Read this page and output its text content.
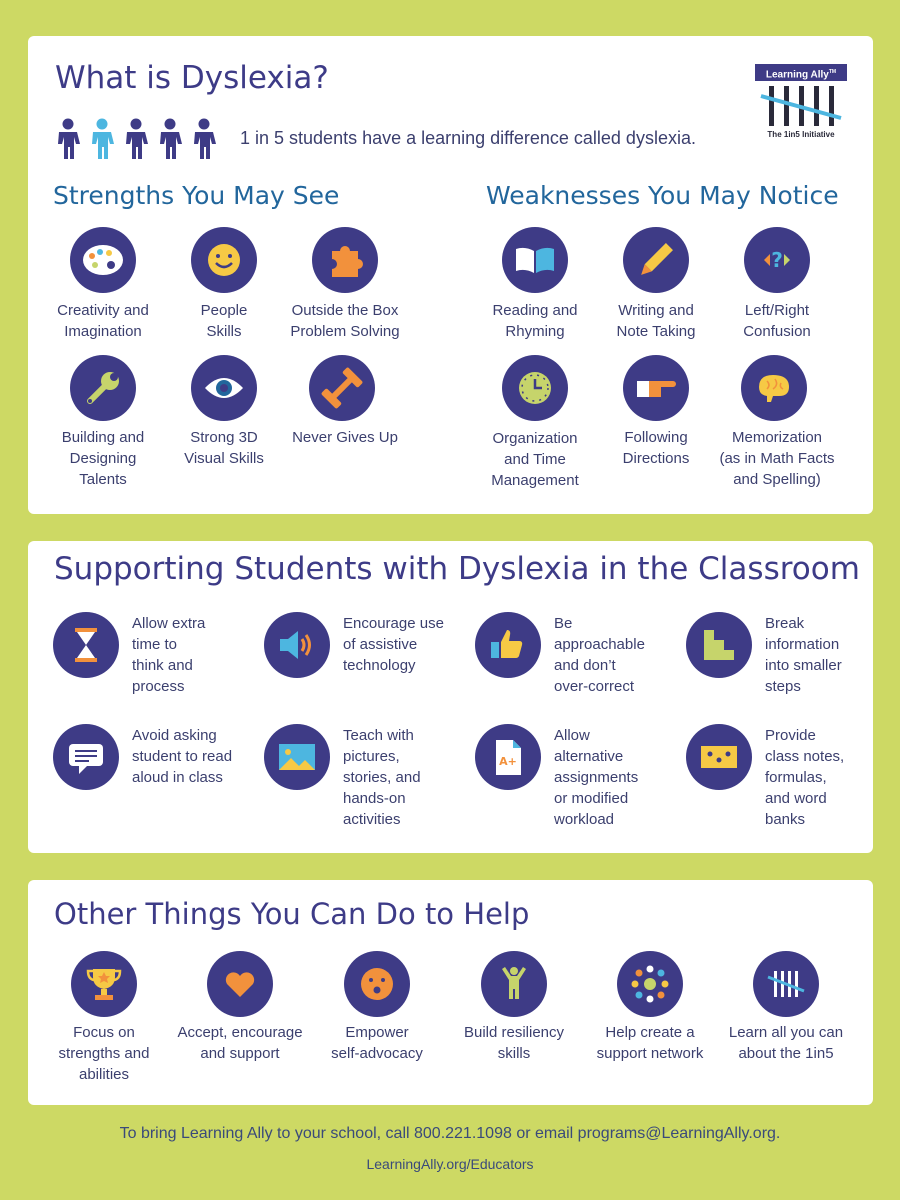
What is Dyslexia?
1 in 5 students have a learning difference called dyslexia.
Learning Ally™
The 1in5 Initiative
Strengths You May See
Creativity and
Imagination
People
Skills
Outside the Box
Problem Solving
Building and
Designing
Talents
Strong 3D
Visual Skills
Never Gives Up
Weaknesses You May Notice
Reading and
Rhyming
Writing and
Note Taking
?
Left/Right
Confusion
Organization
and Time
Management
Following
Directions
Memorization
(as in Math Facts
and Spelling)
Supporting Students with Dyslexia in the Classroom
Allow extra
time to
think and
process
Encourage use
of assistive
technology
Be
approachable
and don’t
over-correct
Break
information
into smaller
steps
Avoid asking
student to read
aloud in class
Teach with
pictures,
stories, and
hands-on
activities
A+
Allow
alternative
assignments
or modified
workload
Provide
class notes,
formulas,
and word
banks
Other Things You Can Do to Help
Focus on
strengths and
abilities
Accept, encourage
and support
Empower
self-advocacy
Build resiliency
skills
Help create a
support network
Learn all you can
about the 1in5
To bring Learning Ally to your school, call 800.221.1098 or email programs@LearningAlly.org.
LearningAlly.org/Educators
